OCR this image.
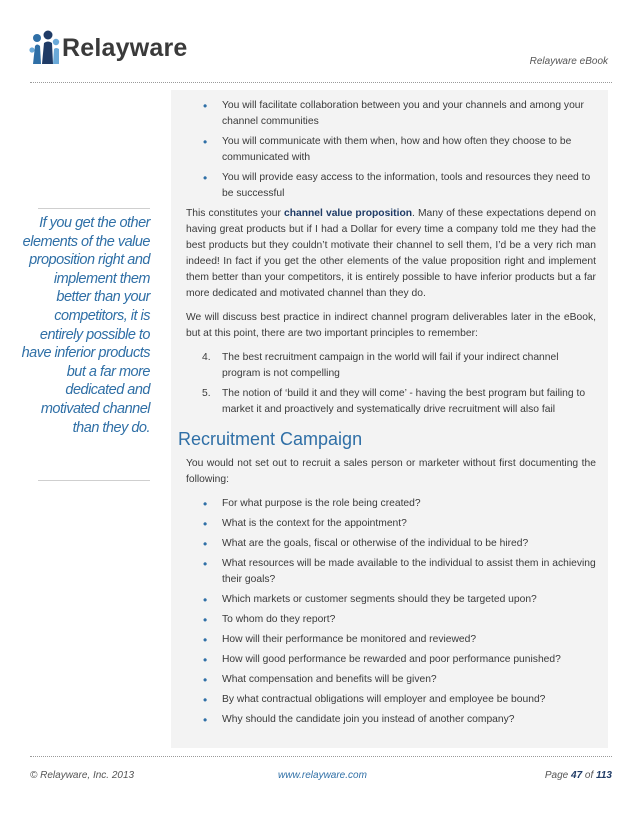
Relayware	Relayware eBook

If you get the other elements of the value proposition right and implement them better than your competitors, it is entirely possible to have inferior products but a far more dedicated and motivated channel than they do.

• You will facilitate collaboration between you and your channels and among your channel communities
• You will communicate with them when, how and how often they choose to be communicated with
• You will provide easy access to the information, tools and resources they need to be successful

This constitutes your channel value proposition. Many of these expectations depend on having great products but if I had a Dollar for every time a company told me they had the best products but they couldn’t motivate their channel to sell them, I’d be a very rich man indeed! In fact if you get the other elements of the value proposition right and implement them better than your competitors, it is entirely possible to have inferior products but a far more dedicated and motivated channel than they do.

We will discuss best practice in indirect channel program deliverables later in the eBook, but at this point, there are two important principles to remember:

4. The best recruitment campaign in the world will fail if your indirect channel program is not compelling
5. The notion of ‘build it and they will come’ - having the best program but failing to market it and proactively and systematically drive recruitment will also fail
Recruitment Campaign

You would not set out to recruit a sales person or marketer without first documenting the following:

• For what purpose is the role being created?
• What is the context for the appointment?
• What are the goals, fiscal or otherwise of the individual to be hired?
• What resources will be made available to the individual to assist them in achieving their goals?
• Which markets or customer segments should they be targeted upon?
• To whom do they report?
• How will their performance be monitored and reviewed?
• How will good performance be rewarded and poor performance punished?
• What compensation and benefits will be given?
• By what contractual obligations will employer and employee be bound?
• Why should the candidate join you instead of another company?
© Relayware, Inc. 2013	www.relayware.com	Page 47 of 113
